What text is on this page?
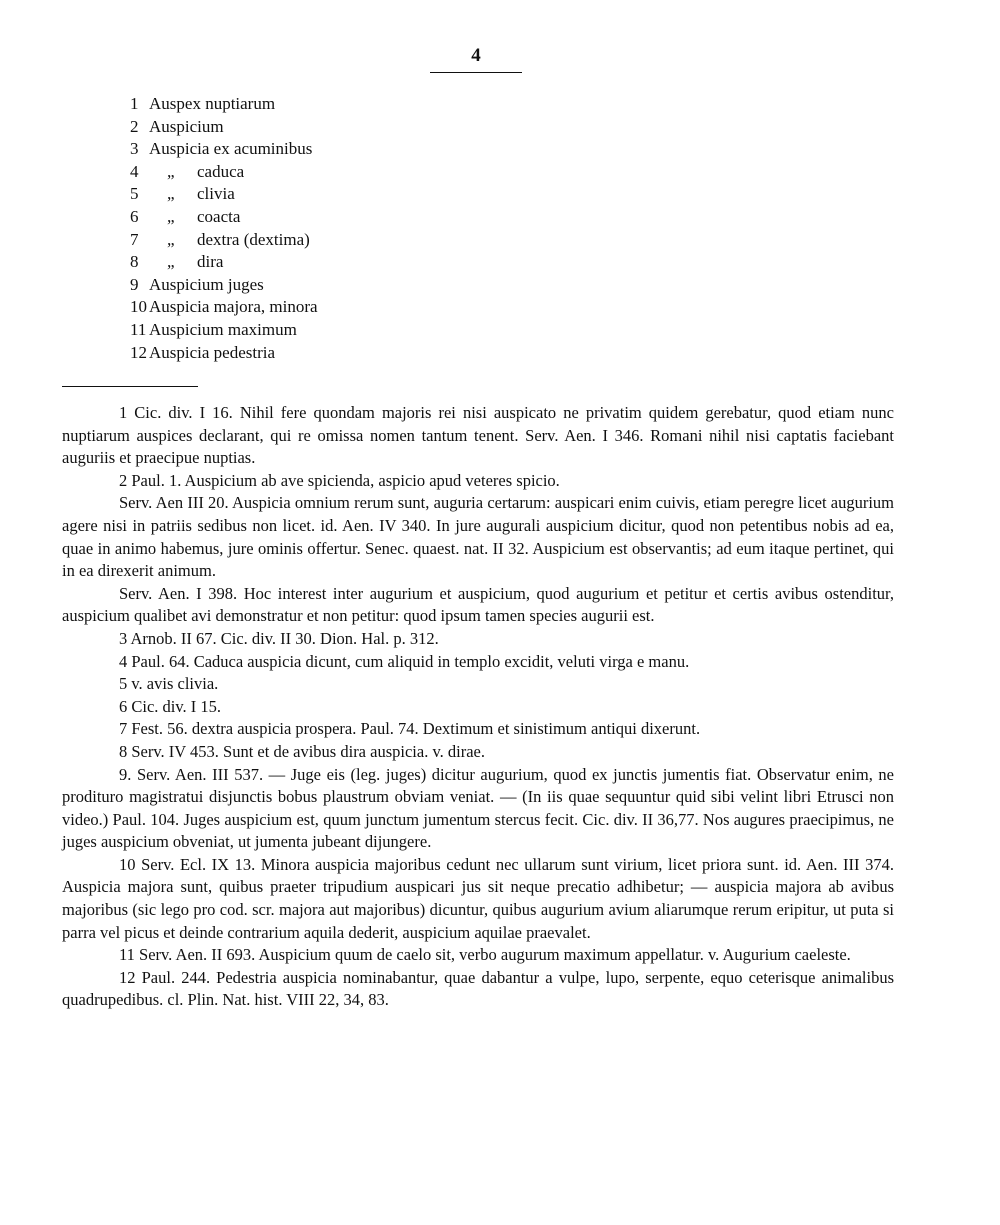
4
1 Auspex nuptiarum
2 Auspicium
3 Auspicia ex acuminibus
4	„	caduca
5	„	clivia
6	„	coacta
7	„	dextra (dextima)
8	„	dira
9 Auspicium juges
10 Auspicia majora, minora
11 Auspicium maximum
12 Auspicia pedestria

1 Cic. div. I 16. Nihil fere quondam majoris rei nisi auspicato ne privatim quidem gerebatur, quod etiam nunc nuptiarum auspices declarant, qui re omissa nomen tantum tenent. Serv. Aen. I 346. Romani nihil nisi captatis faciebant auguriis et praecipue nuptias.

2 Paul. 1. Auspicium ab ave spicienda, aspicio apud veteres spicio.

Serv. Aen III 20. Auspicia omnium rerum sunt, auguria certarum: auspicari enim cuivis, etiam peregre licet augurium agere nisi in patriis sedibus non licet. id. Aen. IV 340. In jure augurali auspicium dicitur, quod non petentibus nobis ad ea, quae in animo habemus, jure ominis offertur. Senec. quaest. nat. II 32. Auspicium est observantis; ad eum itaque pertinet, qui in ea direxerit animum.

Serv. Aen. I 398. Hoc interest inter augurium et auspicium, quod augurium et petitur et certis avibus ostenditur, auspicium qualibet avi demonstratur et non petitur: quod ipsum tamen species augurii est.

3 Arnob. II 67. Cic. div. II 30. Dion. Hal. p. 312.

4 Paul. 64. Caduca auspicia dicunt, cum aliquid in templo excidit, veluti virga e manu.

5 v. avis clivia.

6 Cic. div. I 15.

7 Fest. 56. dextra auspicia prospera. Paul. 74. Dextimum et sinistimum antiqui dixerunt.

8 Serv. IV 453. Sunt et de avibus dira auspicia. v. dirae.

9. Serv. Aen. III 537. — Juge eis (leg. juges) dicitur augurium, quod ex junctis jumentis fiat. Observatur enim, ne prodituro magistratui disjunctis bobus plaustrum obviam veniat. — (In iis quae sequuntur quid sibi velint libri Etrusci non video.) Paul. 104. Juges auspicium est, quum junctum jumentum stercus fecit. Cic. div. II 36,77. Nos augures praecipimus, ne juges auspicium obveniat, ut jumenta jubeant dijungere.

10 Serv. Ecl. IX 13. Minora auspicia majoribus cedunt nec ullarum sunt virium, licet priora sunt. id. Aen. III 374. Auspicia majora sunt, quibus praeter tripudium auspicari jus sit neque precatio adhibetur; — auspicia majora ab avibus majoribus (sic lego pro cod. scr. majora aut majoribus) dicuntur, quibus augurium avium aliarumque rerum eripitur, ut puta si parra vel picus et deinde contrarium aquila dederit, auspicium aquilae praevalet.

11 Serv. Aen. II 693. Auspicium quum de caelo sit, verbo augurum maximum appellatur. v. Augurium caeleste.

12 Paul. 244. Pedestria auspicia nominabantur, quae dabantur a vulpe, lupo, serpente, equo ceterisque animalibus quadrupedibus. cl. Plin. Nat. hist. VIII 22, 34, 83.
